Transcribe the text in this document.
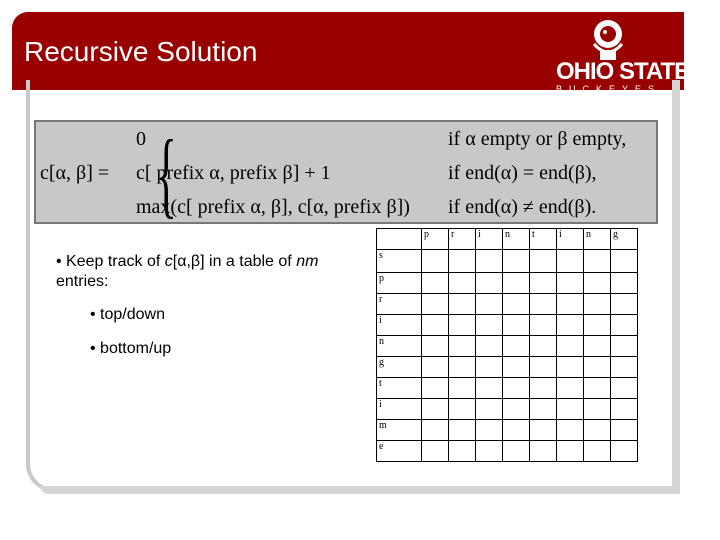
Recursive Solution
OHIO STATE
BUCKEYES
c[α, β] = {
0	if α empty or β empty,
c[ prefix α, prefix β] + 1	if end(α) = end(β),
max(c[ prefix α, β], c[α, prefix β]) if end(α) ≠ end(β).
• Keep track of c[α,β] in a table of nm entries:
• top/down
• bottom/up
	p	r	i	n	t	i	n	g
s								
p								
r								
i								
n								
g								
t								
i								
m								
e								
